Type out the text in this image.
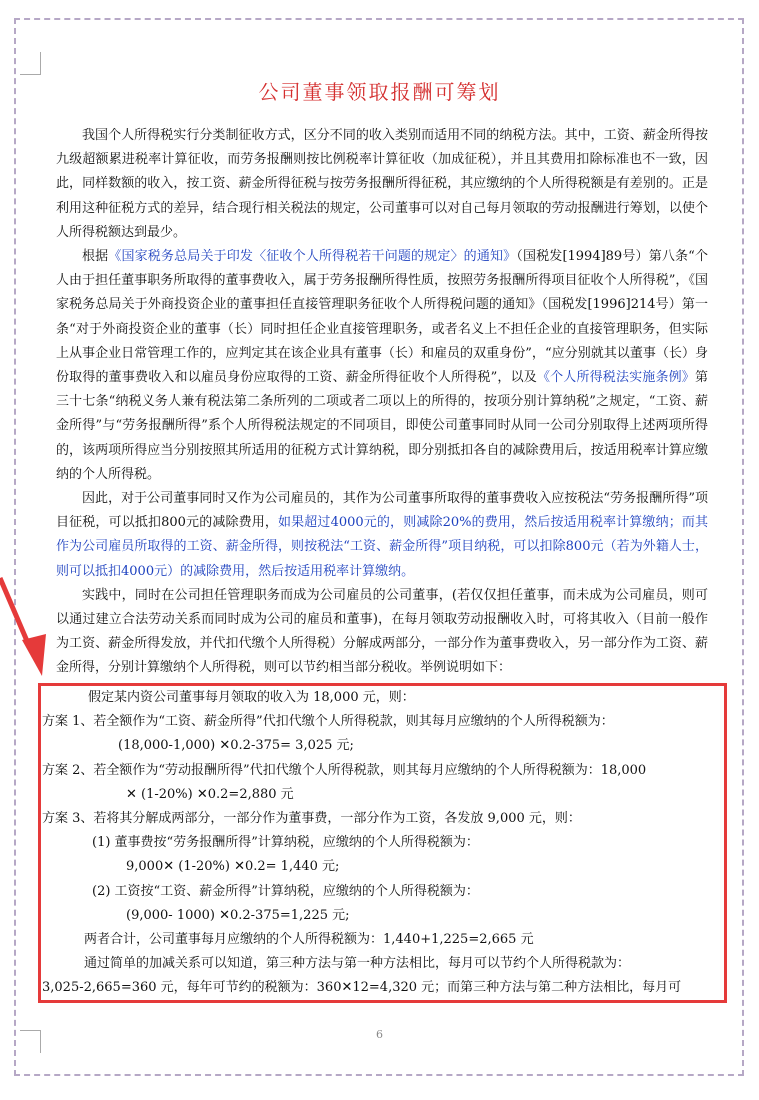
公司董事领取报酬可筹划

我国个人所得税实行分类制征收方式，区分不同的收入类别而适用不同的纳税方法。其中，工资、薪金所得按九级超额累进税率计算征收，而劳务报酬则按比例税率计算征收（加成征税），并且其费用扣除标准也不一致，因此，同样数额的收入，按工资、薪金所得征税与按劳务报酬所得征税，其应缴纳的个人所得税额是有差别的。正是利用这种征税方式的差异，结合现行相关税法的规定，公司董事可以对自己每月领取的劳动报酬进行筹划，以使个人所得税额达到最少。

根据《国家税务总局关于印发〈征收个人所得税若干问题的规定〉的通知》（国税发[1994]89号）第八条“个人由于担任董事职务所取得的董事费收入，属于劳务报酬所得性质，按照劳务报酬所得项目征收个人所得税”，《国家税务总局关于外商投资企业的董事担任直接管理职务征收个人所得税问题的通知》（国税发[1996]214号）第一条“对于外商投资企业的董事（长）同时担任企业直接管理职务，或者名义上不担任企业的直接管理职务，但实际上从事企业日常管理工作的，应判定其在该企业具有董事（长）和雇员的双重身份”，“应分别就其以董事（长）身份取得的董事费收入和以雇员身份应取得的工资、薪金所得征收个人所得税”，以及《个人所得税法实施条例》第三十七条“纳税义务人兼有税法第二条所列的二项或者二项以上的所得的，按项分别计算纳税”之规定，“工资、薪金所得”与“劳务报酬所得”系个人所得税法规定的不同项目，即使公司董事同时从同一公司分别取得上述两项所得的，该两项所得应当分别按照其所适用的征税方式计算纳税，即分别抵扣各自的减除费用后，按适用税率计算应缴纳的个人所得税。

因此，对于公司董事同时又作为公司雇员的，其作为公司董事所取得的董事费收入应按税法“劳务报酬所得”项目征税，可以抵扣800元的减除费用，如果超过4000元的，则减除20%的费用，然后按适用税率计算缴纳；而其作为公司雇员所取得的工资、薪金所得，则按税法“工资、薪金所得”项目纳税，可以扣除800元（若为外籍人士，则可以抵扣4000元）的减除费用，然后按适用税率计算缴纳。

实践中，同时在公司担任管理职务而成为公司雇员的公司董事，(若仅仅担任董事，而未成为公司雇员，则可以通过建立合法劳动关系而同时成为公司的雇员和董事)，在每月领取劳动报酬收入时，可将其收入（目前一般作为工资、薪金所得发放，并代扣代缴个人所得税）分解成两部分，一部分作为董事费收入，另一部分作为工资、薪金所得，分别计算缴纳个人所得税，则可以节约相当部分税收。举例说明如下：

假定某内资公司董事每月领取的收入为 18,000 元，则：

方案 1、若全额作为“工资、薪金所得”代扣代缴个人所得税款，则其每月应缴纳的个人所得税额为：

(18,000-1,000) ✕0.2-375= 3,025 元;

方案 2、若全额作为“劳动报酬所得”代扣代缴个人所得税款，则其每月应缴纳的个人所得税额为：18,000

✕ (1-20%) ✕0.2=2,880 元

方案 3、若将其分解成两部分，一部分作为董事费，一部分作为工资，各发放 9,000 元，则：

(1) 董事费按“劳务报酬所得”计算纳税，应缴纳的个人所得税额为：

9,000✕ (1-20%) ✕0.2= 1,440 元;

(2) 工资按“工资、薪金所得”计算纳税，应缴纳的个人所得税额为：

(9,000- 1000) ✕0.2-375=1,225 元;

两者合计，公司董事每月应缴纳的个人所得税额为：1,440+1,225=2,665 元

通过简单的加减关系可以知道，第三种方法与第一种方法相比，每月可以节约个人所得税款为：

3,025-2,665=360 元，每年可节约的税额为：360✕12=4,320 元；而第三种方法与第二种方法相比，每月可

6
